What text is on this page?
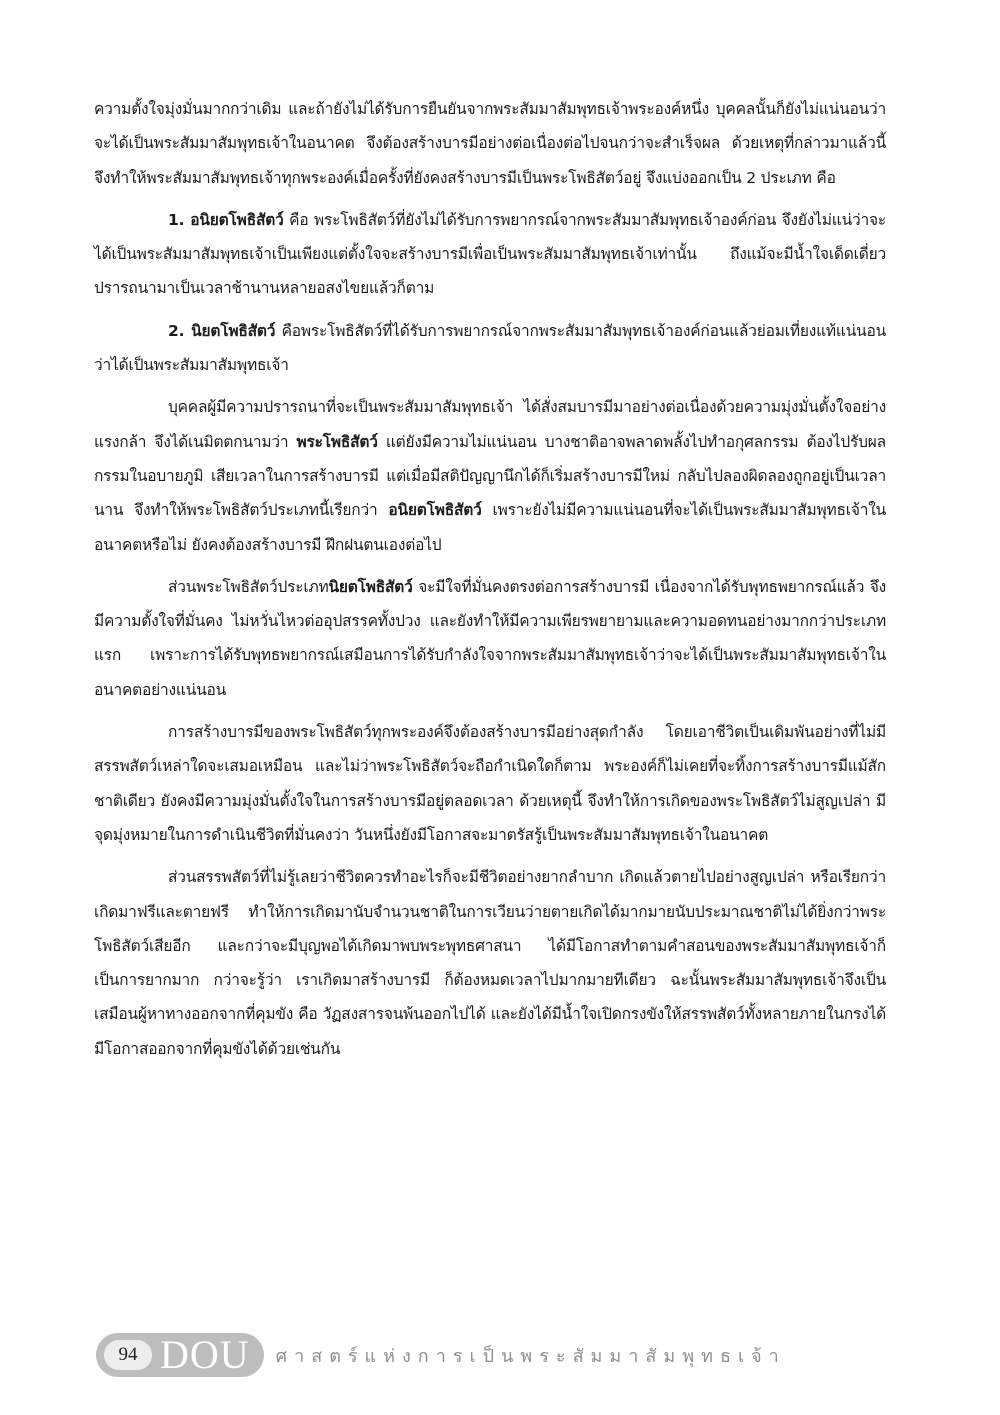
ความตั้งใจมุ่งมั่นมากกว่าเดิม และถ้ายังไม่ได้รับการยืนยันจากพระสัมมาสัมพุทธเจ้าพระองค์หนึ่ง บุคคลนั้นก็ยังไม่แน่นอนว่าจะได้เป็นพระสัมมาสัมพุทธเจ้าในอนาคต จึงต้องสร้างบารมีอย่างต่อเนื่องต่อไปจนกว่าจะสำเร็จผล ด้วยเหตุที่กล่าวมาแล้วนี้ จึงทำให้พระสัมมาสัมพุทธเจ้าทุกพระองค์เมื่อครั้งที่ยังคงสร้างบารมีเป็นพระโพธิสัตว์อยู่ จึงแบ่งออกเป็น 2 ประเภท คือ

1. อนิยตโพธิสัตว์ คือ พระโพธิสัตว์ที่ยังไม่ได้รับการพยากรณ์จากพระสัมมาสัมพุทธเจ้าองค์ก่อน จึงยังไม่แน่ว่าจะได้เป็นพระสัมมาสัมพุทธเจ้าเป็นเพียงแต่ตั้งใจจะสร้างบารมีเพื่อเป็นพระสัมมาสัมพุทธเจ้าเท่านั้น ถึงแม้จะมีน้ำใจเด็ดเดี่ยวปรารถนามาเป็นเวลาช้านานหลายอสงไขยแล้วก็ตาม

2. นิยตโพธิสัตว์ คือพระโพธิสัตว์ที่ได้รับการพยากรณ์จากพระสัมมาสัมพุทธเจ้าองค์ก่อนแล้วย่อมเที่ยงแท้แน่นอนว่าได้เป็นพระสัมมาสัมพุทธเจ้า

บุคคลผู้มีความปรารถนาที่จะเป็นพระสัมมาสัมพุทธเจ้า ได้สั่งสมบารมีมาอย่างต่อเนื่องด้วยความมุ่งมั่นตั้งใจอย่างแรงกล้า จึงได้เนมิตตกนามว่า พระโพธิสัตว์ แต่ยังมีความไม่แน่นอน บางชาติอาจพลาดพลั้งไปทำอกุศลกรรม ต้องไปรับผลกรรมในอบายภูมิ เสียเวลาในการสร้างบารมี แต่เมื่อมีสติปัญญานึกได้ก็เริ่มสร้างบารมีใหม่ กลับไปลองผิดลองถูกอยู่เป็นเวลานาน จึงทำให้พระโพธิสัตว์ประเภทนี้เรียกว่า อนิยตโพธิสัตว์ เพราะยังไม่มีความแน่นอนที่จะได้เป็นพระสัมมาสัมพุทธเจ้าในอนาคตหรือไม่ ยังคงต้องสร้างบารมี ฝึกฝนตนเองต่อไป

ส่วนพระโพธิสัตว์ประเภทนิยตโพธิสัตว์ จะมีใจที่มั่นคงตรงต่อการสร้างบารมี เนื่องจากได้รับพุทธพยากรณ์แล้ว จึงมีความตั้งใจที่มั่นคง ไม่หวั่นไหวต่ออุปสรรคทั้งปวง และยังทำให้มีความเพียรพยายามและความอดทนอย่างมากกว่าประเภทแรก เพราะการได้รับพุทธพยากรณ์เสมือนการได้รับกำลังใจจากพระสัมมาสัมพุทธเจ้าว่าจะได้เป็นพระสัมมาสัมพุทธเจ้าในอนาคตอย่างแน่นอน

การสร้างบารมีของพระโพธิสัตว์ทุกพระองค์จึงต้องสร้างบารมีอย่างสุดกำลัง โดยเอาชีวิตเป็นเดิมพันอย่างที่ไม่มีสรรพสัตว์เหล่าใดจะเสมอเหมือน และไม่ว่าพระโพธิสัตว์จะถือกำเนิดใดก็ตาม พระองค์ก็ไม่เคยที่จะทิ้งการสร้างบารมีแม้สักชาติเดียว ยังคงมีความมุ่งมั่นตั้งใจในการสร้างบารมีอยู่ตลอดเวลา ด้วยเหตุนี้ จึงทำให้การเกิดของพระโพธิสัตว์ไม่สูญเปล่า มีจุดมุ่งหมายในการดำเนินชีวิตที่มั่นคงว่า วันหนึ่งยังมีโอกาสจะมาตรัสรู้เป็นพระสัมมาสัมพุทธเจ้าในอนาคต

ส่วนสรรพสัตว์ที่ไม่รู้เลยว่าชีวิตควรทำอะไรก็จะมีชีวิตอย่างยากลำบาก เกิดแล้วตายไปอย่างสูญเปล่า หรือเรียกว่า เกิดมาฟรีและตายฟรี ทำให้การเกิดมานับจำนวนชาติในการเวียนว่ายตายเกิดได้มากมายนับประมาณชาติไม่ได้ยิ่งกว่าพระโพธิสัตว์เสียอีก และกว่าจะมีบุญพอได้เกิดมาพบพระพุทธศาสนา ได้มีโอกาสทำตามคำสอนของพระสัมมาสัมพุทธเจ้าก็เป็นการยากมาก กว่าจะรู้ว่า เราเกิดมาสร้างบารมี ก็ต้องหมดเวลาไปมากมายทีเดียว ฉะนั้นพระสัมมาสัมพุทธเจ้าจึงเป็นเสมือนผู้หาทางออกจากที่คุมขัง คือ วัฏสงสารจนพ้นออกไปได้ และยังได้มีน้ำใจเปิดกรงขังให้สรรพสัตว์ทั้งหลายภายในกรงได้มีโอกาสออกจากที่คุมขังได้ด้วยเช่นกัน

94 DOU ศาสตร์แห่งการเป็นพระสัมมาสัมพุทธเจ้า
